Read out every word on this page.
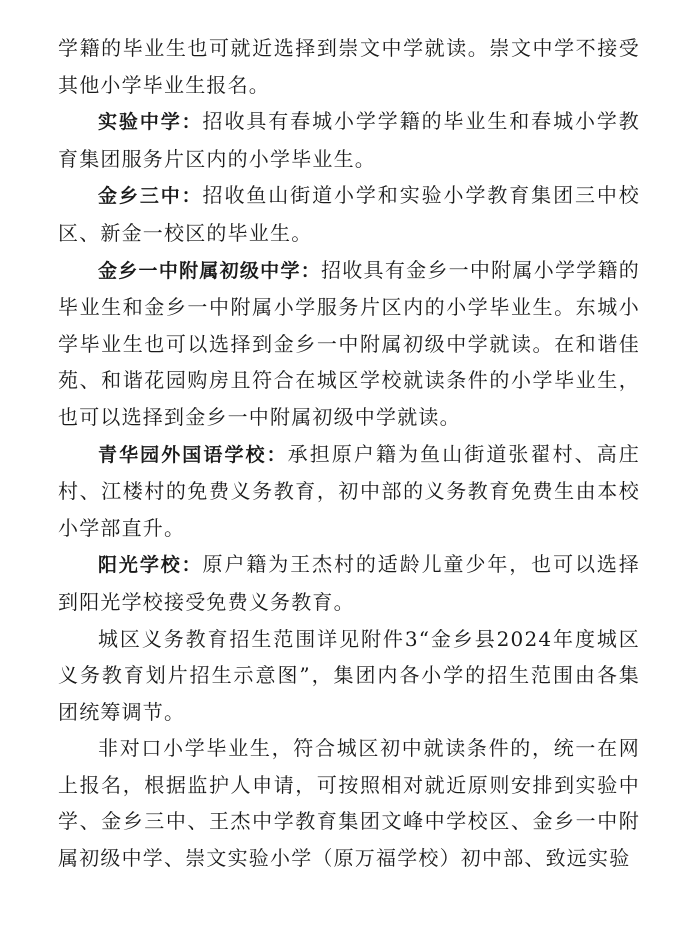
学籍的毕业生也可就近选择到崇文中学就读。崇文中学不接受其他小学毕业生报名。

实验中学：招收具有春城小学学籍的毕业生和春城小学教育集团服务片区内的小学毕业生。

金乡三中：招收鱼山街道小学和实验小学教育集团三中校区、新金一校区的毕业生。

金乡一中附属初级中学：招收具有金乡一中附属小学学籍的毕业生和金乡一中附属小学服务片区内的小学毕业生。东城小学毕业生也可以选择到金乡一中附属初级中学就读。在和谐佳苑、和谐花园购房且符合在城区学校就读条件的小学毕业生，也可以选择到金乡一中附属初级中学就读。

青华园外国语学校：承担原户籍为鱼山街道张翟村、高庄村、江楼村的免费义务教育，初中部的义务教育免费生由本校小学部直升。

阳光学校：原户籍为王杰村的适龄儿童少年，也可以选择到阳光学校接受免费义务教育。

城区义务教育招生范围详见附件3“金乡县2024年度城区义务教育划片招生示意图”，集团内各小学的招生范围由各集团统筹调节。

非对口小学毕业生，符合城区初中就读条件的，统一在网上报名，根据监护人申请，可按照相对就近原则安排到实验中学、金乡三中、王杰中学教育集团文峰中学校区、金乡一中附属初级中学、崇文实验小学（原万福学校）初中部、致远实验
